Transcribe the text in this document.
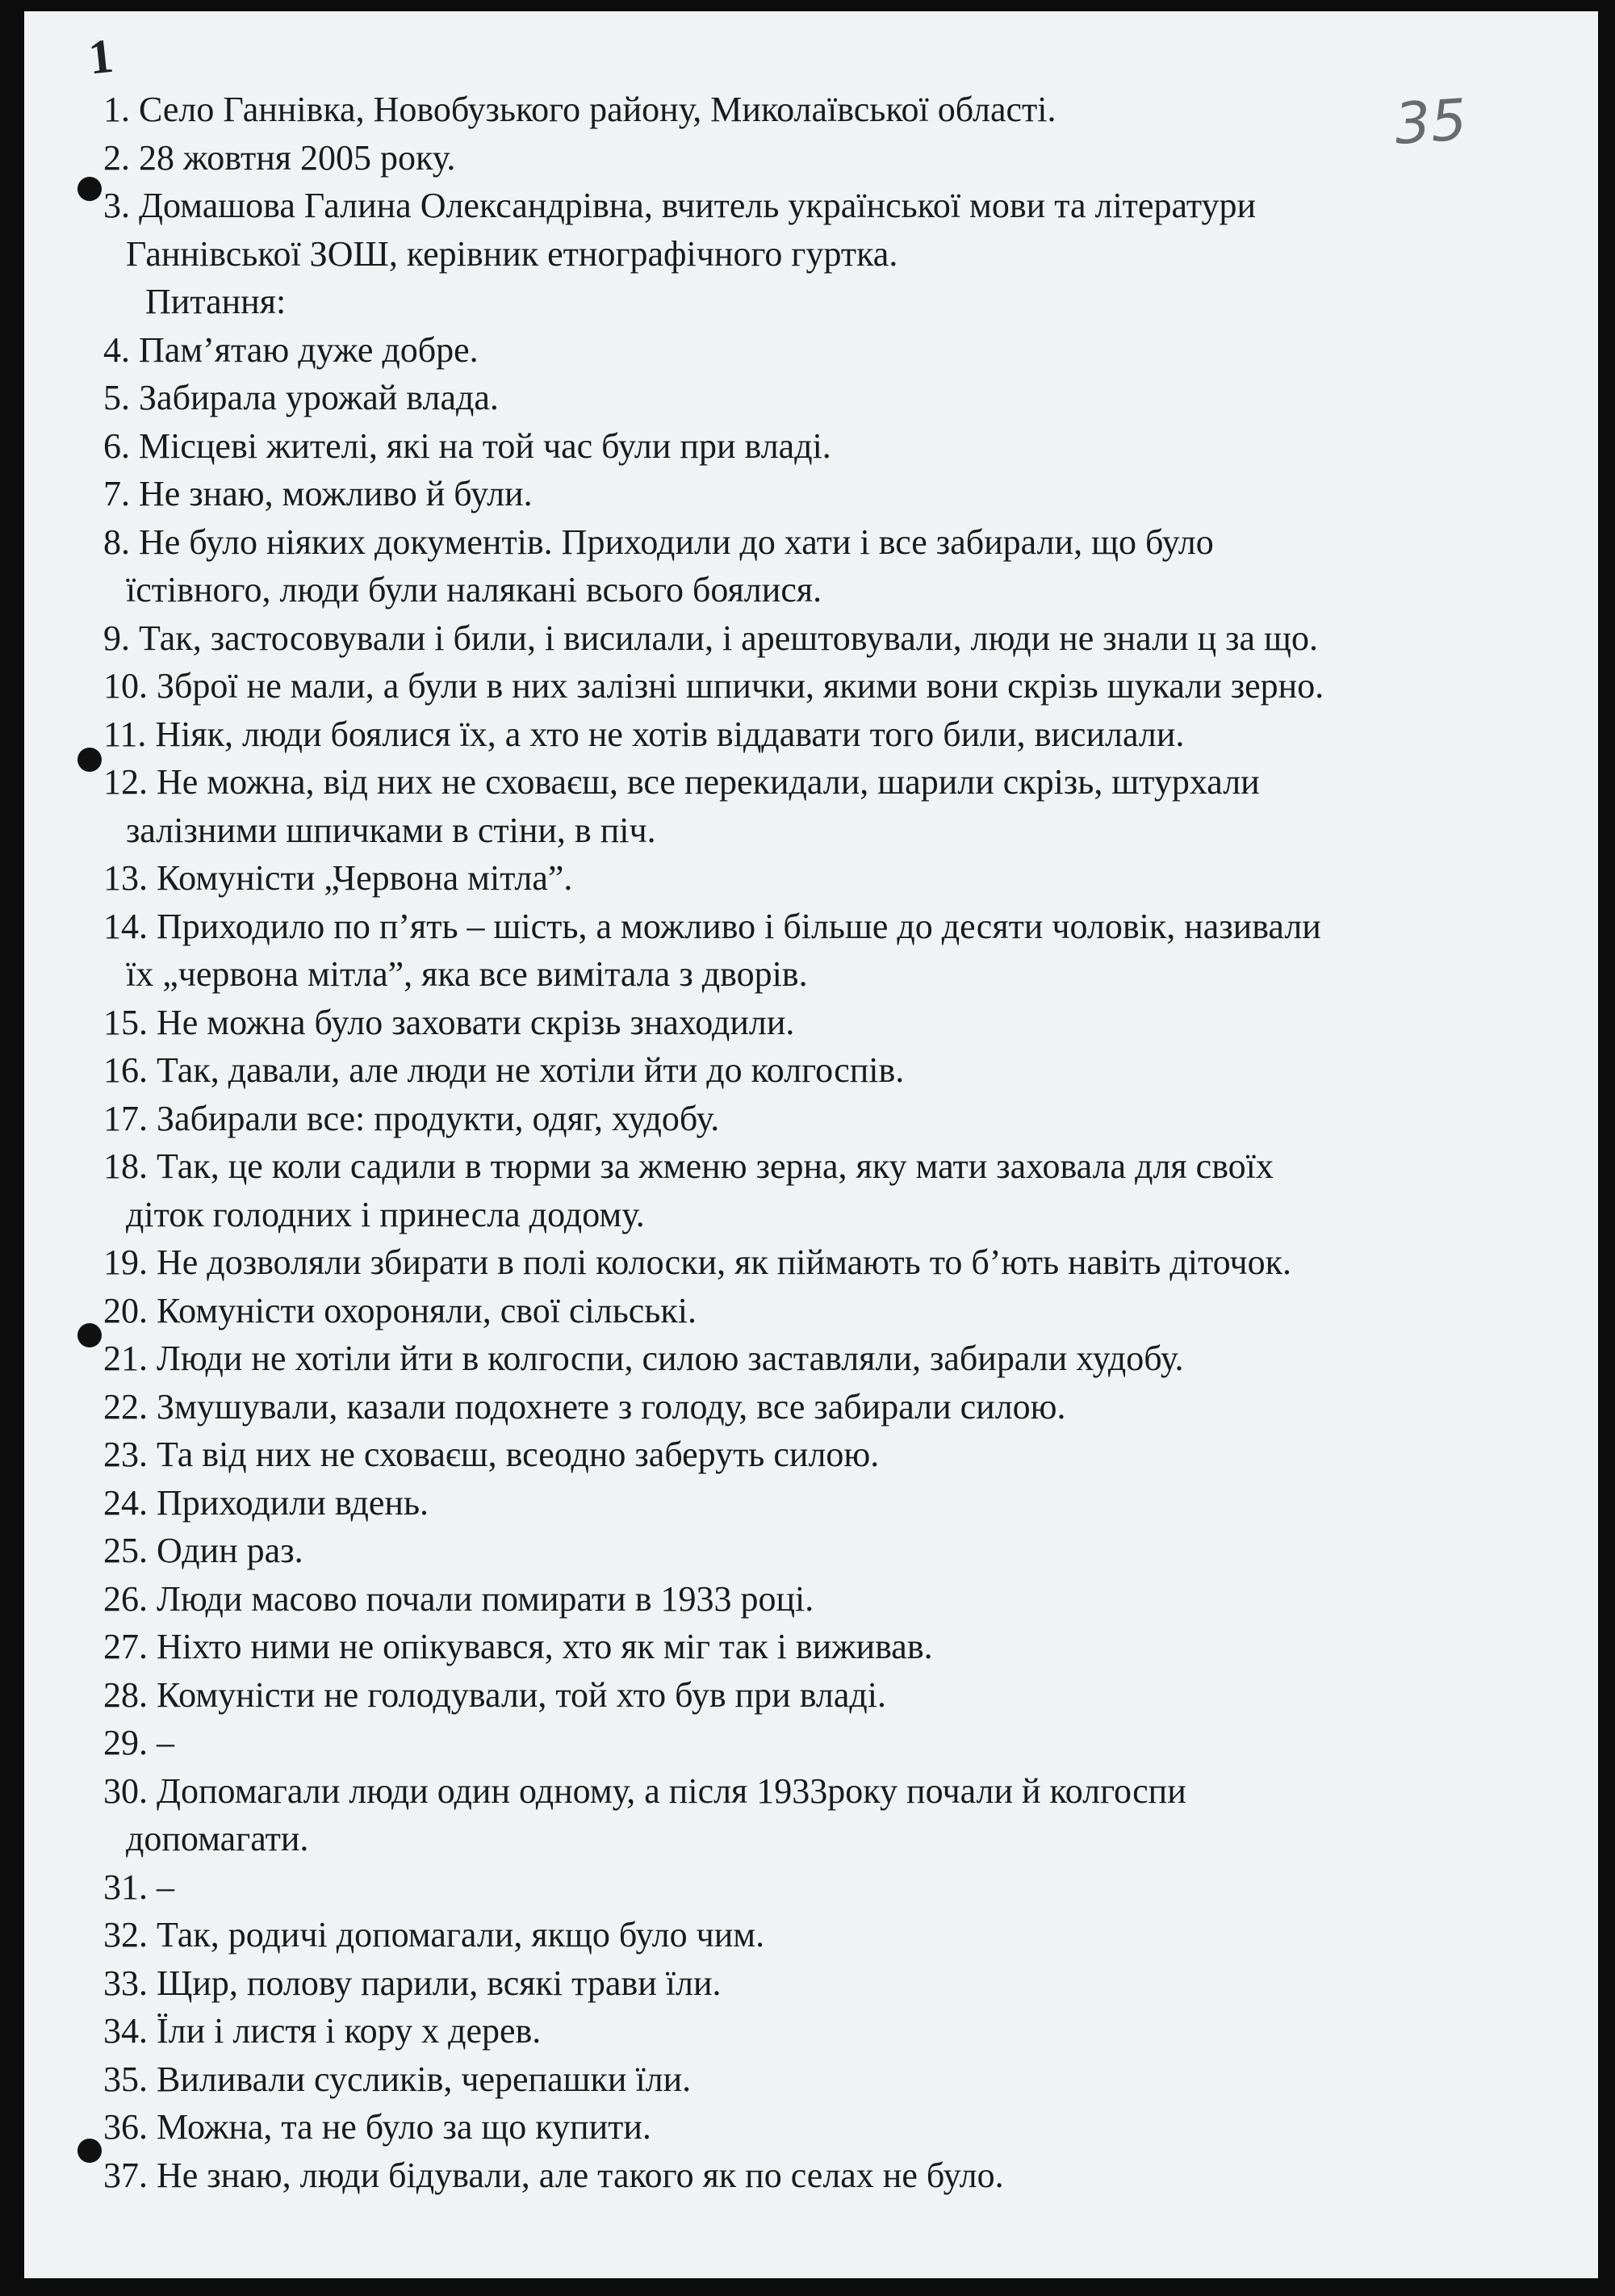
1
35
1. Село Ганнівка, Новобузького району, Миколаївської області.
2. 28 жовтня 2005 року.
3. Домашова Галина Олександрівна, вчитель української мови та літератури
Ганнівської ЗОШ, керівник етнографічного гуртка.
Питання:
4. Пам’ятаю дуже добре.
5. Забирала урожай влада.
6. Місцеві жителі, які на той час були при владі.
7. Не знаю, можливо й були.
8. Не було ніяких документів. Приходили до хати і все забирали, що було
їстівного, люди були налякані всього боялися.
9. Так, застосовували і били, і висилали, і арештовували, люди не знали ц за що.
10. Зброї не мали, а були в них залізні шпички, якими вони скрізь шукали зерно.
11. Ніяк, люди боялися їх, а хто не хотів віддавати того били, висилали.
12. Не можна, від них не сховаєш, все перекидали, шарили скрізь, штурхали
залізними шпичками в стіни, в піч.
13. Комуністи „Червона мітла”.
14. Приходило по п’ять – шість, а можливо і більше до десяти чоловік, називали
їх „червона мітла”, яка все вимітала з дворів.
15. Не можна було заховати скрізь знаходили.
16. Так, давали, але люди не хотіли йти до колгоспів.
17. Забирали все: продукти, одяг, худобу.
18. Так, це коли садили в тюрми за жменю зерна, яку мати заховала для своїх
діток голодних і принесла додому.
19. Не дозволяли збирати в полі колоски, як піймають то б’ють навіть діточок.
20. Комуністи охороняли, свої сільські.
21. Люди не хотіли йти в колгоспи, силою заставляли, забирали худобу.
22. Змушували, казали подохнете з голоду, все забирали силою.
23. Та від них не сховаєш, всеодно заберуть силою.
24. Приходили вдень.
25. Один раз.
26. Люди масово почали помирати в 1933 році.
27. Ніхто ними не опікувався, хто як міг так і виживав.
28. Комуністи не голодували, той хто був при владі.
29. –
30. Допомагали люди один одному, а після 1933року почали й колгоспи
допомагати.
31. –
32. Так, родичі допомагали, якщо було чим.
33. Щир, полову парили, всякі трави їли.
34. Їли і листя і кору х дерев.
35. Виливали сусликів, черепашки їли.
36. Можна, та не було за що купити.
37. Не знаю, люди бідували, але такого як по селах не було.
